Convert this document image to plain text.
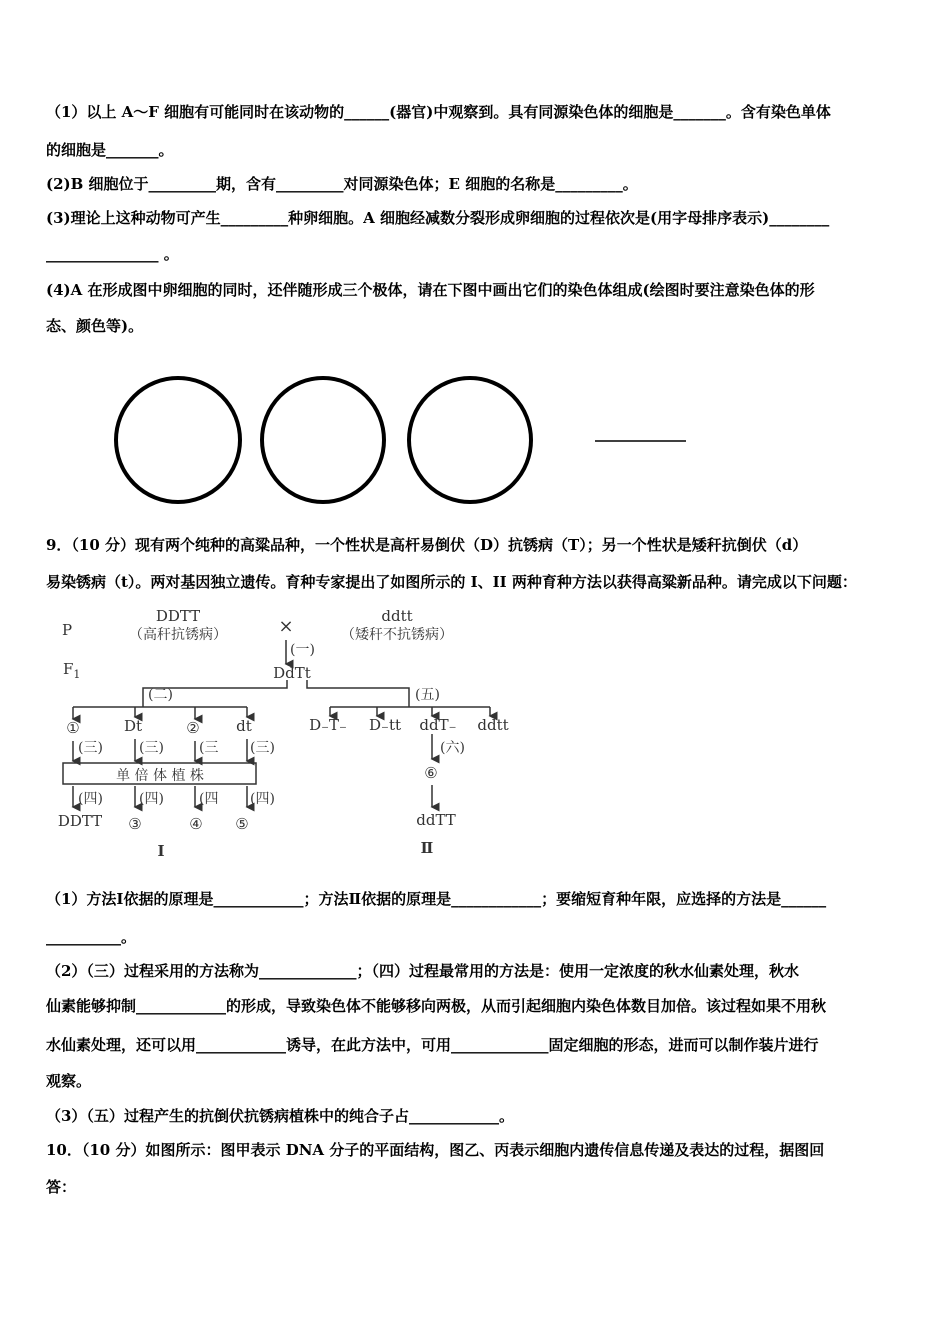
（1）以上 A～F 细胞有可能同时在该动物的______(器官)中观察到。具有同源染色体的细胞是_______。含有染色单体
的细胞是_______。
(2)B 细胞位于_________期，含有_________对同源染色体；E 细胞的名称是_________。
(3)理论上这种动物可产生_________种卵细胞。A 细胞经减数分裂形成卵细胞的过程依次是(用字母排序表示)________
_______________ 。
(4)A 在形成图中卵细胞的同时，还伴随形成三个极体，请在下图中画出它们的染色体组成(绘图时要注意染色体的形
态、颜色等)。
9．（10 分）现有两个纯种的高粱品种，一个性状是高杆易倒伏（D）抗锈病（T）；另一个性状是矮秆抗倒伏（d）
易染锈病（t）。两对基因独立遗传。育种专家提出了如图所示的 I、II 两种育种方法以获得高粱新品种。请完成以下问题：
P
$F_1$
DDTT
（高秆抗锈病）	×	ddtt
（矮秆不抗锈病）
(一)
DdTt
(二)	(五)
①	Dt	② dt
(三)	(三)	(三 (三)
单 倍 体 植 株
(四)	(四)	(四 (四)
DDTT ③	④ ⑤
D₋T₋ D₋tt ddT₋ ddtt
(六)
⑥
ddTT
I	Ⅱ
（1）方法Ⅰ依据的原理是____________；方法Ⅱ依据的原理是____________；要缩短育种年限，应选择的方法是______
__________。
（2）（三）过程采用的方法称为_____________；（四）过程最常用的方法是：使用一定浓度的秋水仙素处理，秋水
仙素能够抑制____________的形成，导致染色体不能够移向两极，从而引起细胞内染色体数目加倍。该过程如果不用秋
水仙素处理，还可以用____________诱导，在此方法中，可用_____________固定细胞的形态，进而可以制作装片进行
观察。
（3）（五）过程产生的抗倒伏抗锈病植株中的纯合子占____________。
10．（10 分）如图所示：图甲表示 DNA 分子的平面结构，图乙、丙表示细胞内遗传信息传递及表达的过程，据图回
答：
